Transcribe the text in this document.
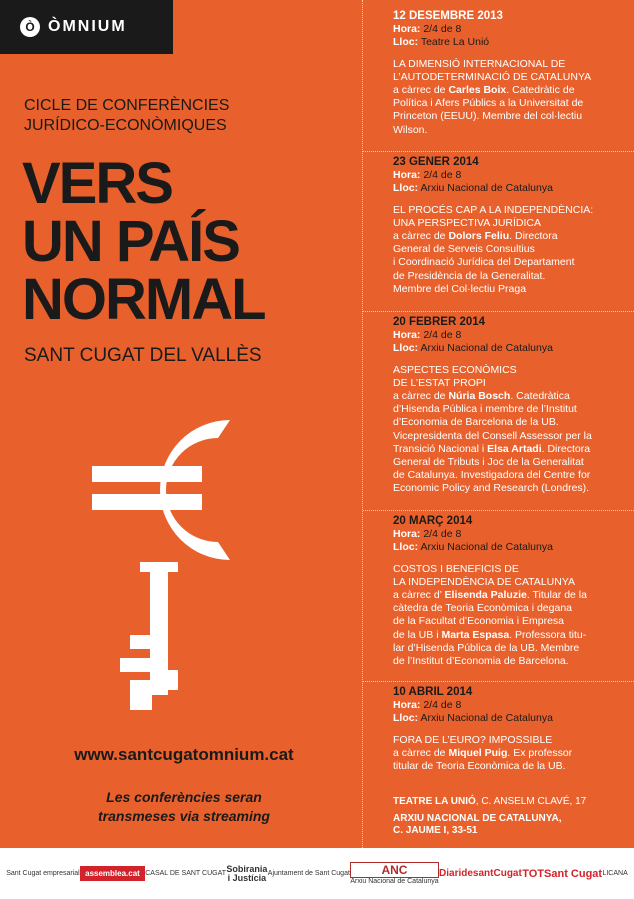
Ò ÒMNIUM
CICLE DE CONFERÈNCIES
JURÍDICO-ECONÒMIQUES
VERS
UN PAÍS
NORMAL
SANT CUGAT DEL VALLÈS
www.santcugatomnium.cat
Les conferències seran
transmeses via streaming
12 DESEMBRE 2013

Hora: 2/4 de 8

Lloc: Teatre La Unió

LA DIMENSIÓ INTERNACIONAL DE

L’AUTODETERMINACIÓ DE CATALUNYA

a càrrec de Carles Boix. Catedràtic de

Política i Afers Públics a la Universitat de

Princeton (EEUU). Membre del col·lectiu

Wilson.

23 GENER 2014

Hora: 2/4 de 8

Lloc: Arxiu Nacional de Catalunya

EL PROCÉS CAP A LA INDEPENDÈNCIA:

UNA PERSPECTIVA JURÍDICA

a càrrec de Dolors Feliu. Directora

General de Serveis Consultius

i Coordinació Jurídica del Departament

de Presidència de la Generalitat.

Membre del Col·lectiu Praga

20 FEBRER 2014

Hora: 2/4 de 8

Lloc: Arxiu Nacional de Catalunya

ASPECTES ECONÒMICS

DE L’ESTAT PROPI

a càrrec de Núria Bosch. Catedràtica

d’Hisenda Pública i membre de l’Institut

d’Economia de Barcelona de la UB.

Vicepresidenta del Consell Assessor per la

Transició Nacional i Elsa Artadi. Directora

General de Tributs i Joc de la Generalitat

de Catalunya. Investigadora del Centre for

Economic Policy and Research (Londres).

20 MARÇ 2014

Hora: 2/4 de 8

Lloc: Arxiu Nacional de Catalunya

COSTOS I BENEFICIS DE

LA INDEPENDÈNCIA DE CATALUNYA

a càrrec d’ Elisenda Paluzie. Titular de la

càtedra de Teoria Econòmica i degana

de la Facultat d’Economia i Empresa

de la UB i Marta Espasa. Professora titu-

lar d’Hisenda Pública de la UB. Membre

de l’Institut d’Economia de Barcelona.

10 ABRIL 2014

Hora: 2/4 de 8

Lloc: Arxiu Nacional de Catalunya

FORA DE L’EURO? IMPOSSIBLE

a càrrec de Miquel Puig. Ex professor

titular de Teoria Econòmica de la UB.

TEATRE LA UNIÓ, C. ANSELM CLAVÉ, 17

ARXIU NACIONAL DE CATALUNYA,

C. JAUME I, 33-51

Sant Cugat empresarial assemblea.cat CASAL DE SANT CUGAT Sobirania
i Justícia Ajuntament de Sant Cugat	ANC
Arxiu Nacional de Catalunya
DiaridesantCugat TOTSant Cugat LICANA
